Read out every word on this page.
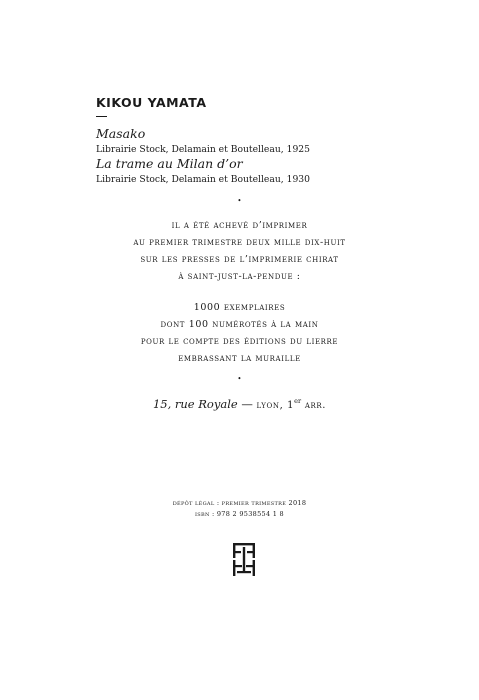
KIKOU YAMATA
Masako
Librairie Stock, Delamain et Boutelleau, 1925
La trame au Milan d’or
Librairie Stock, Delamain et Boutelleau, 1930
•
il a été achevé d’imprimer
au premier trimestre deux mille dix-huit
sur les presses de l’imprimerie chirat
à saint-just-la-pendue :
1000 exemplaires
dont 100 numérotés à la main
pour le compte des éditions du lierre
embrassant la muraille
•
15, rue Royale — lyon, 1er arr.
dépôt légal : premier trimestre 2018
isbn : 978 2 9538554 1 8
